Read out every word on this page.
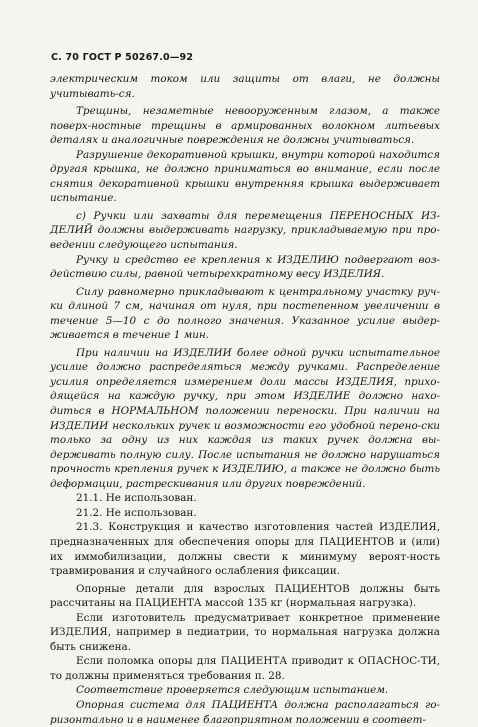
С. 70 ГОСТ Р 50267.0—92

электрическим током или защиты от влаги, не должны учитывать-ся.

Трещины, незаметные невооруженным глазом, а также поверх-ностные трещины в армированных волокном литьевых деталях и аналогичные повреждения не должны учитываться.

Разрушение декоративной крышки, внутри которой находится другая крышка, не должно приниматься во внимание, если после снятия декоративной крышки внутренняя крышка выдерживает испытание.

с) Ручки или захваты для перемещения ПЕРЕНОСНЫХ ИЗ-ДЕЛИЙ должны выдерживать нагрузку, прикладываемую при про-ведении следующего испытания.

Ручку и средство ее крепления к ИЗДЕЛИЮ подвергают воз-действию силы, равной четырехкратному весу ИЗДЕЛИЯ.

Силу равномерно прикладывают к центральному участку руч-ки длиной 7 см, начиная от нуля, при постепенном увеличении в течение 5—10 с до полного значения. Указанное усилие выдер-живается в течение 1 мин.

При наличии на ИЗДЕЛИИ более одной ручки испытательное усилие должно распределяться между ручками. Распределение усилия определяется измерением доли массы ИЗДЕЛИЯ, прихо-дящейся на каждую ручку, при этом ИЗДЕЛИЕ должно нахо-диться в НОРМАЛЬНОМ положении переноски. При наличии на ИЗДЕЛИИ нескольких ручек и возможности его удобной перено-ски только за одну из них каждая из таких ручек должна вы-держивать полную силу. После испытания не должно нарушаться прочность крепления ручек к ИЗДЕЛИЮ, а также не должно быть деформации, растрескивания или других повреждений.

21.1. Не использован.

21.2. Не использован.

21.3. Конструкция и качество изготовления частей ИЗДЕЛИЯ, предназначенных для обеспечения опоры для ПАЦИЕНТОВ и (или) их иммобилизации, должны свести к минимуму вероят-ность травмирования и случайного ослабления фиксации.

Опорные детали для взрослых ПАЦИЕНТОВ должны быть рассчитаны на ПАЦИЕНТА массой 135 кг (нормальная нагрузка).

Если изготовитель предусматривает конкретное применение ИЗДЕЛИЯ, например в педиатрии, то нормальная нагрузка должна быть снижена.

Если поломка опоры для ПАЦИЕНТА приводит к ОПАСНОС-ТИ, то должны применяться требования п. 28.

Соответствие проверяется следующим испытанием.

Опорная система для ПАЦИЕНТА должна располагаться го-ризонтально и в наименее благоприятном положении в соответ-
